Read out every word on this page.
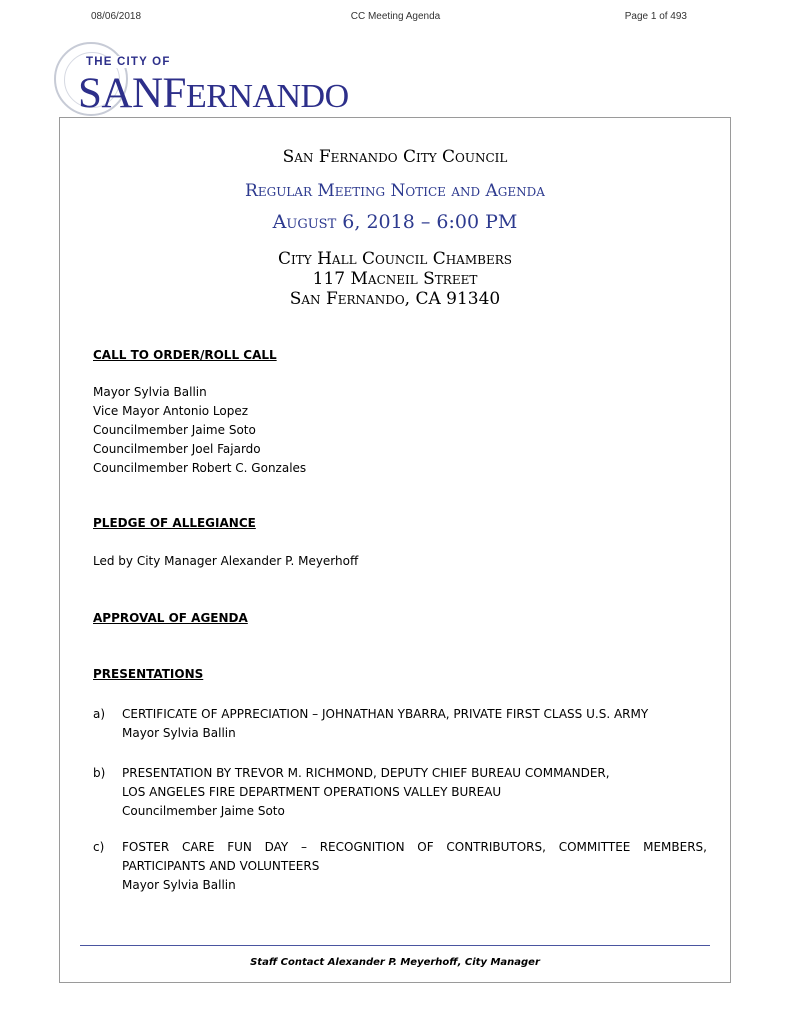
08/06/2018	CC Meeting Agenda	Page 1 of 493
THE CITY OF
SANFERNANDO
San Fernando City Council
Regular Meeting Notice and Agenda
August 6, 2018 – 6:00 PM
City Hall Council Chambers
117 Macneil Street
San Fernando, CA 91340
CALL TO ORDER/ROLL CALL
Mayor Sylvia Ballin
Vice Mayor Antonio Lopez
Councilmember Jaime Soto
Councilmember Joel Fajardo
Councilmember Robert C. Gonzales
PLEDGE OF ALLEGIANCE
Led by City Manager Alexander P. Meyerhoff
APPROVAL OF AGENDA
PRESENTATIONS
a) CERTIFICATE OF APPRECIATION – JOHNATHAN YBARRA, PRIVATE FIRST CLASS U.S. ARMY
Mayor Sylvia Ballin
b) PRESENTATION BY TREVOR M. RICHMOND, DEPUTY CHIEF BUREAU COMMANDER,
LOS ANGELES FIRE DEPARTMENT OPERATIONS VALLEY BUREAU
Councilmember Jaime Soto
c) FOSTER CARE FUN DAY – RECOGNITION OF CONTRIBUTORS, COMMITTEE MEMBERS,
PARTICIPANTS AND VOLUNTEERS
Mayor Sylvia Ballin
Staff Contact Alexander P. Meyerhoff, City Manager
